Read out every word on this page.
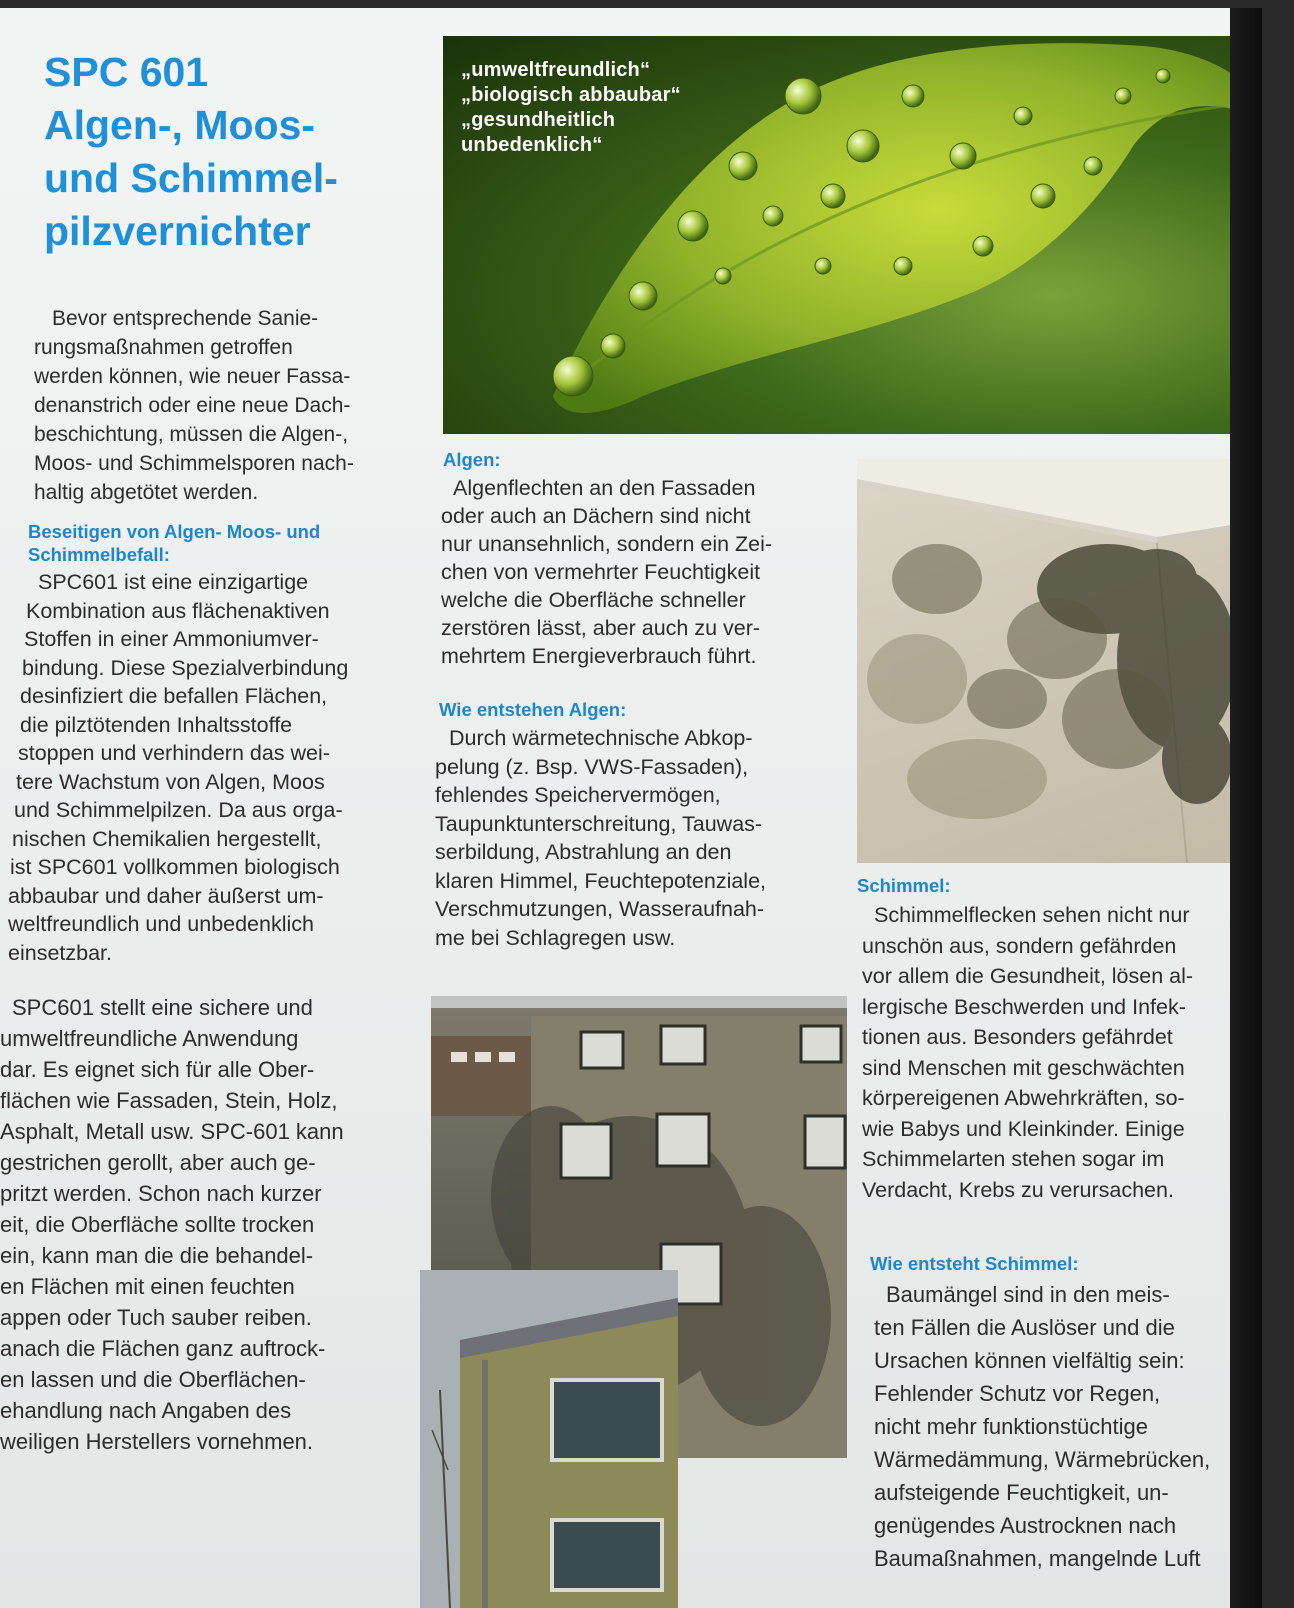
SPC 601
Algen-, Moos-
und Schimmel-
pilzvernichter
Bevor entsprechende Sanie-
rungsmaßnahmen getroffen
werden können, wie neuer Fassa-
denanstrich oder eine neue Dach-
beschichtung, müssen die Algen-,
Moos- und Schimmelsporen nach-
haltig abgetötet werden.
Beseitigen von Algen- Moos- und
Schimmelbefall:
SPC601 ist eine einzigartige
Kombination aus flächenaktiven
Stoffen in einer Ammoniumver-
bindung. Diese Spezialverbindung
desinfiziert die befallen Flächen,
die pilztötenden Inhaltsstoffe
stoppen und verhindern das wei-
tere Wachstum von Algen, Moos
und Schimmelpilzen. Da aus orga-
nischen Chemikalien hergestellt,
ist SPC601 vollkommen biologisch
abbaubar und daher äußerst um-
weltfreundlich und unbedenklich
einsetzbar.
SPC601 stellt eine sichere und
umweltfreundliche Anwendung
dar. Es eignet sich für alle Ober-
flächen wie Fassaden, Stein, Holz,
Asphalt, Metall usw. SPC-601 kann
gestrichen gerollt, aber auch ge-
pritzt werden. Schon nach kurzer
eit, die Oberfläche sollte trocken
ein, kann man die die behandel-
en Flächen mit einen feuchten
appen oder Tuch sauber reiben.
anach die Flächen ganz auftrock-
en lassen und die Oberflächen-
ehandlung nach Angaben des
weiligen Herstellers vornehmen.
„umweltfreundlich“
„biologisch abbaubar“
„gesundheitlich
unbedenklich“
Algen:
Algenflechten an den Fassaden
oder auch an Dächern sind nicht
nur unansehnlich, sondern ein Zei-
chen von vermehrter Feuchtigkeit
welche die Oberfläche schneller
zerstören lässt, aber auch zu ver-
mehrtem Energieverbrauch führt.
Wie entstehen Algen:
Durch wärmetechnische Abkop-
pelung (z. Bsp. VWS-Fassaden),
fehlendes Speichervermögen,
Taupunktunterschreitung, Tauwas-
serbildung, Abstrahlung an den
klaren Himmel, Feuchtepotenziale,
Verschmutzungen, Wasseraufnah-
me bei Schlagregen usw.
Schimmel:
Schimmelflecken sehen nicht nur
unschön aus, sondern gefährden
vor allem die Gesundheit, lösen al-
lergische Beschwerden und Infek-
tionen aus. Besonders gefährdet
sind Menschen mit geschwächten
körpereigenen Abwehrkräften, so-
wie Babys und Kleinkinder. Einige
Schimmelarten stehen sogar im
Verdacht, Krebs zu verursachen.
Wie entsteht Schimmel:
Baumängel sind in den meis-
ten Fällen die Auslöser und die
Ursachen können vielfältig sein:
Fehlender Schutz vor Regen,
nicht mehr funktionstüchtige
Wärmedämmung, Wärmebrücken,
aufsteigende Feuchtigkeit, un-
genügendes Austrocknen nach
Baumaßnahmen, mangelnde Luft
